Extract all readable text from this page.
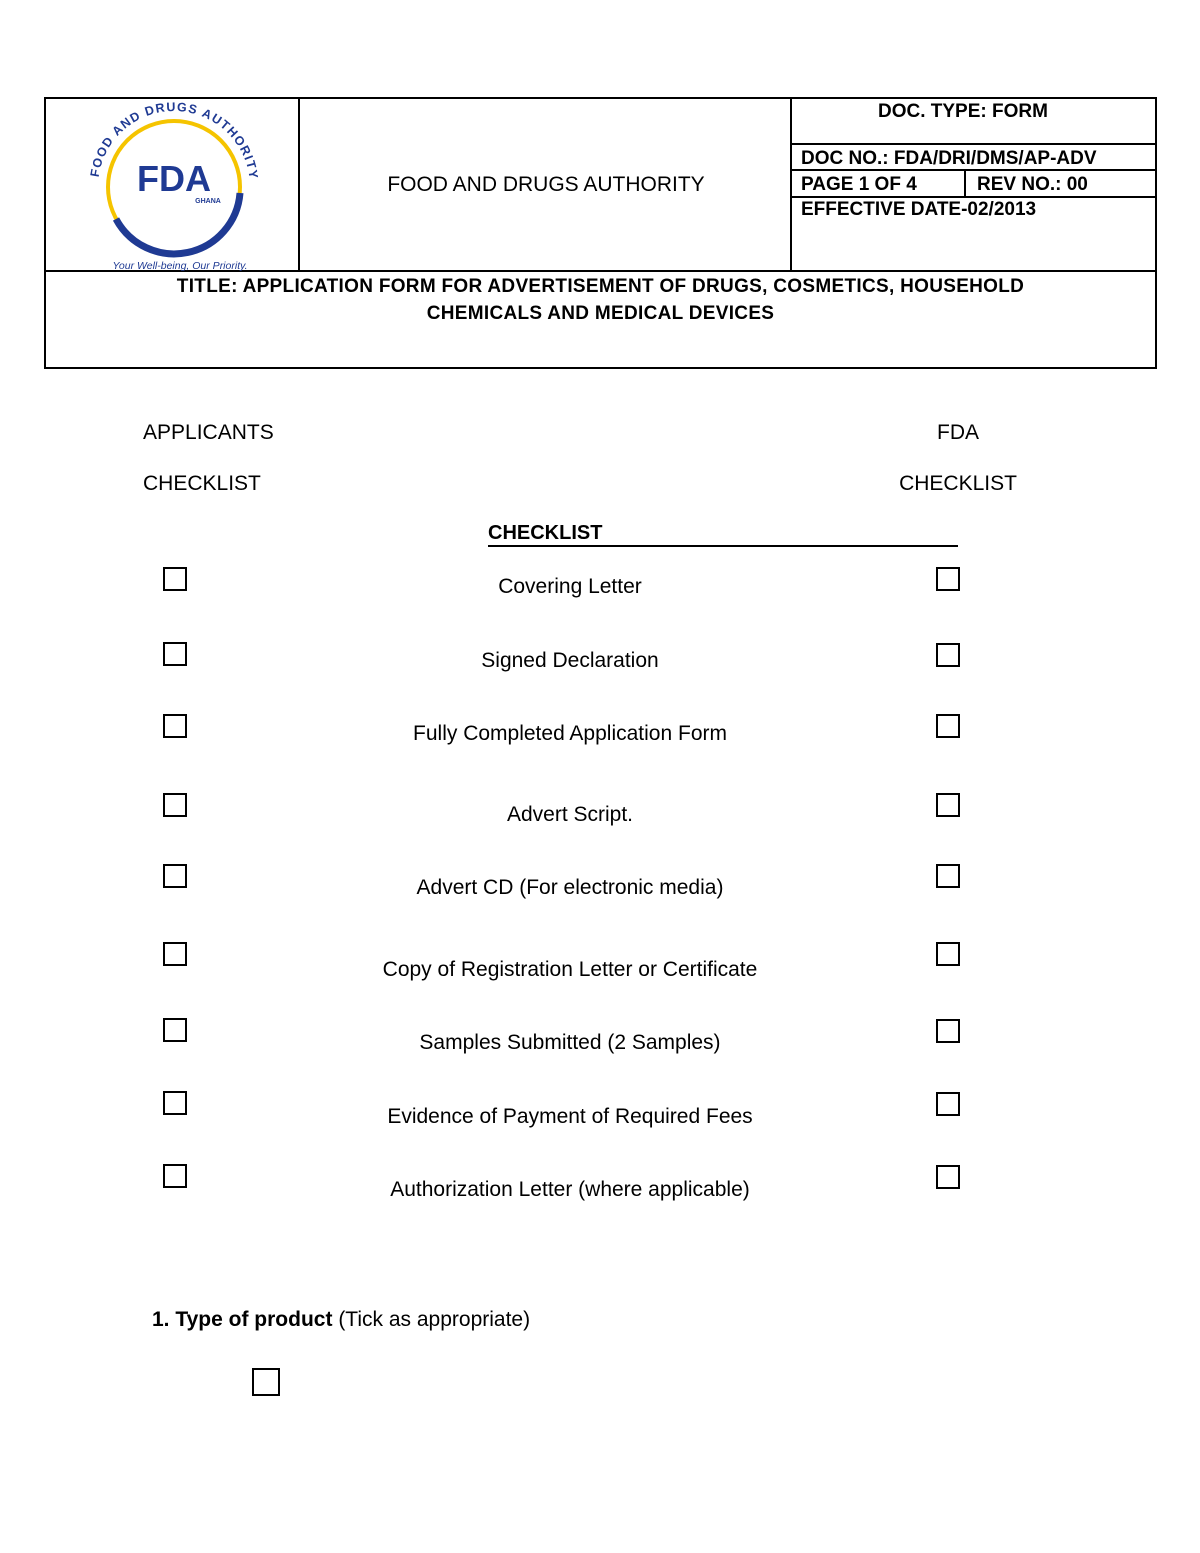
FOOD AND DRUGS AUTHORITY
FDA
GHANA
Your Well-being, Our Priority.
FOOD AND DRUGS AUTHORITY
DOC. TYPE: FORM
DOC NO.: FDA/DRI/DMS/AP-ADV
PAGE 1 OF 4	REV NO.: 00
EFFECTIVE DATE-02/2013
TITLE: APPLICATION FORM FOR ADVERTISEMENT OF DRUGS, COSMETICS, HOUSEHOLD
CHEMICALS AND MEDICAL DEVICES
APPLICANTS
CHECKLIST
FDA
CHECKLIST
CHECKLIST
Covering Letter
Signed Declaration
Fully Completed Application Form
Advert Script.
Advert CD (For electronic media)
Copy of Registration Letter or Certificate
Samples Submitted (2 Samples)
Evidence of Payment of Required Fees
Authorization Letter (where applicable)
1. Type of product (Tick as appropriate)
